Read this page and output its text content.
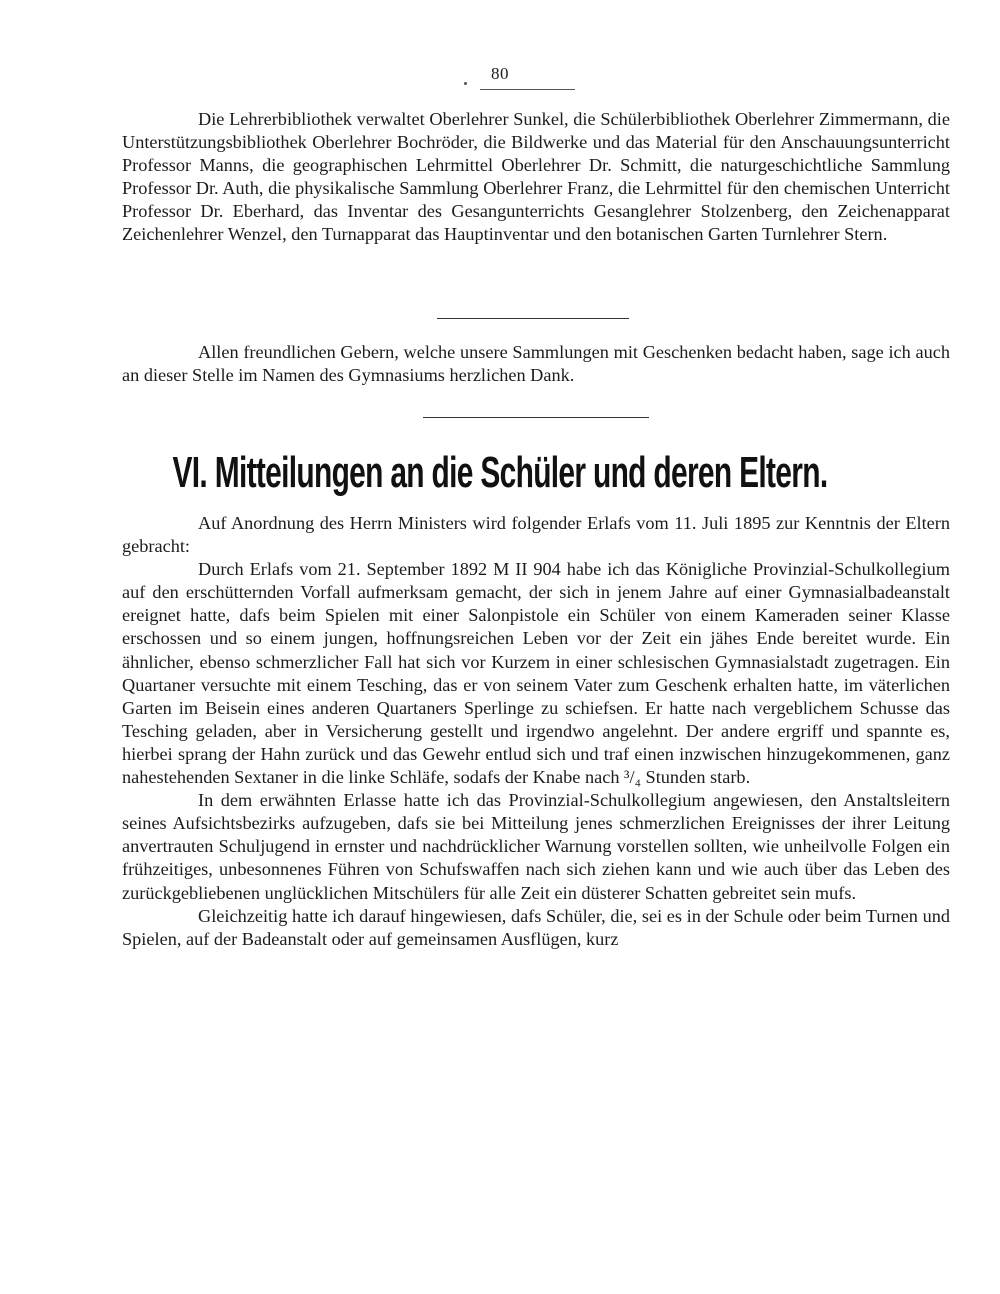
80

Die Lehrerbibliothek verwaltet Oberlehrer Sunkel, die Schülerbibliothek Oberlehrer Zimmermann, die Unterstützungsbibliothek Oberlehrer Bochröder, die Bildwerke und das Material für den Anschauungsunterricht Professor Manns, die geographischen Lehrmittel Oberlehrer Dr. Schmitt, die naturgeschichtliche Sammlung Professor Dr. Auth, die physikalische Sammlung Oberlehrer Franz, die Lehrmittel für den chemischen Unterricht Professor Dr. Eberhard, das Inventar des Gesangunterrichts Gesanglehrer Stolzenberg, den Zeichenapparat Zeichenlehrer Wenzel, den Turnapparat das Hauptinventar und den botanischen Garten Turnlehrer Stern.

Allen freundlichen Gebern, welche unsere Sammlungen mit Geschenken bedacht haben, sage ich auch an dieser Stelle im Namen des Gymnasiums herzlichen Dank.

VI. Mitteilungen an die Schüler und deren Eltern.

Auf Anordnung des Herrn Ministers wird folgender Erlafs vom 11. Juli 1895 zur Kenntnis der Eltern gebracht:

Durch Erlafs vom 21. September 1892 M II 904 habe ich das Königliche Provinzial-Schulkollegium auf den erschütternden Vorfall aufmerksam gemacht, der sich in jenem Jahre auf einer Gymnasialbadeanstalt ereignet hatte, dafs beim Spielen mit einer Salonpistole ein Schüler von einem Kameraden seiner Klasse erschossen und so einem jungen, hoffnungsreichen Leben vor der Zeit ein jähes Ende bereitet wurde. Ein ähnlicher, ebenso schmerzlicher Fall hat sich vor Kurzem in einer schlesischen Gymnasialstadt zugetragen. Ein Quartaner versuchte mit einem Tesching, das er von seinem Vater zum Geschenk erhalten hatte, im väterlichen Garten im Beisein eines anderen Quartaners Sperlinge zu schiefsen. Er hatte nach vergeblichem Schusse das Tesching geladen, aber in Versicherung gestellt und irgendwo angelehnt. Der andere ergriff und spannte es, hierbei sprang der Hahn zurück und das Gewehr entlud sich und traf einen inzwischen hinzugekommenen, ganz nahestehenden Sextaner in die linke Schläfe, sodafs der Knabe nach ³/₄ Stunden starb.

In dem erwähnten Erlasse hatte ich das Provinzial-Schulkollegium angewiesen, den Anstaltsleitern seines Aufsichtsbezirks aufzugeben, dafs sie bei Mitteilung jenes schmerzlichen Ereignisses der ihrer Leitung anvertrauten Schuljugend in ernster und nachdrücklicher Warnung vorstellen sollten, wie unheilvolle Folgen ein frühzeitiges, unbesonnenes Führen von Schufswaffen nach sich ziehen kann und wie auch über das Leben des zurückgebliebenen unglücklichen Mitschülers für alle Zeit ein düsterer Schatten gebreitet sein mufs.

Gleichzeitig hatte ich darauf hingewiesen, dafs Schüler, die, sei es in der Schule oder beim Turnen und Spielen, auf der Badeanstalt oder auf gemeinsamen Ausflügen, kurz
